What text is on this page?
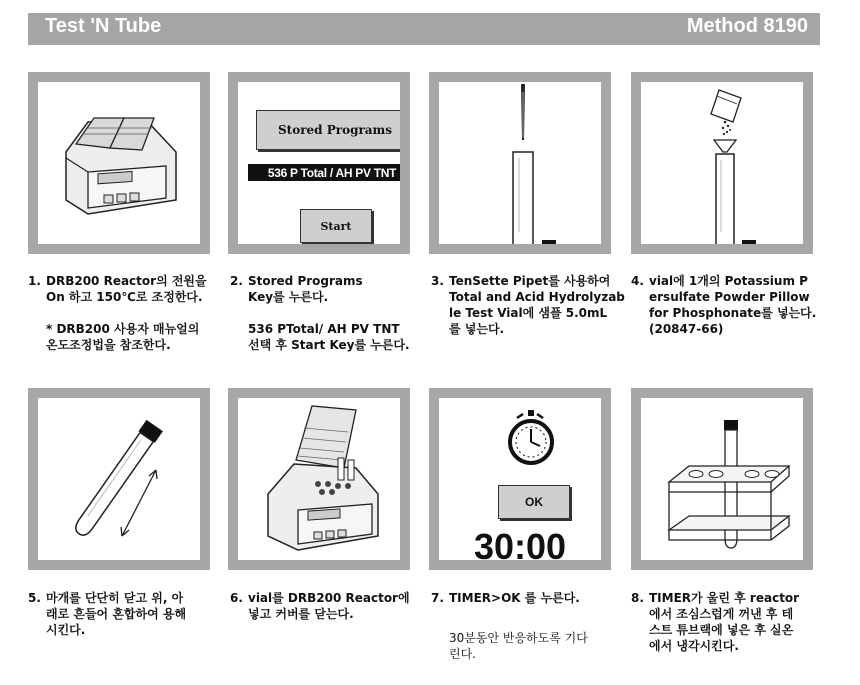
Test 'N Tube	Method 8190
Stored Programs
536 P Total / AH PV TNT
Start
1. DRB200 Reactor의 전원을
On 하고 150℃로 조정한다.
* DRB200 사용자 매뉴얼의
온도조정법을 참조한다.
2. Stored Programs
Key를 누른다.
536 PTotal/ AH PV TNT
선택 후 Start Key를 누른다.
3. TenSette Pipet를 사용하여
Total and Acid Hydrolyzab
le Test Vial에 샘플 5.0mL
를 넣는다.
4. vial에 1개의 Potassium P
ersulfate Powder Pillow
for Phosphonate를 넣는다.
(20847-66)
OK
30:00
5. 마개를 단단히 닫고 위, 아
래로 흔들어 혼합하여 용해
시킨다.
6. vial를 DRB200 Reactor에
넣고 커버를 닫는다.
7. TIMER>OK 를 누른다.
30분동안 반응하도록 기다
린다.
8. TIMER가 울린 후 reactor
에서 조심스럽게 꺼낸 후 테
스트 튜브랙에 넣은 후 실온
에서 냉각시킨다.
